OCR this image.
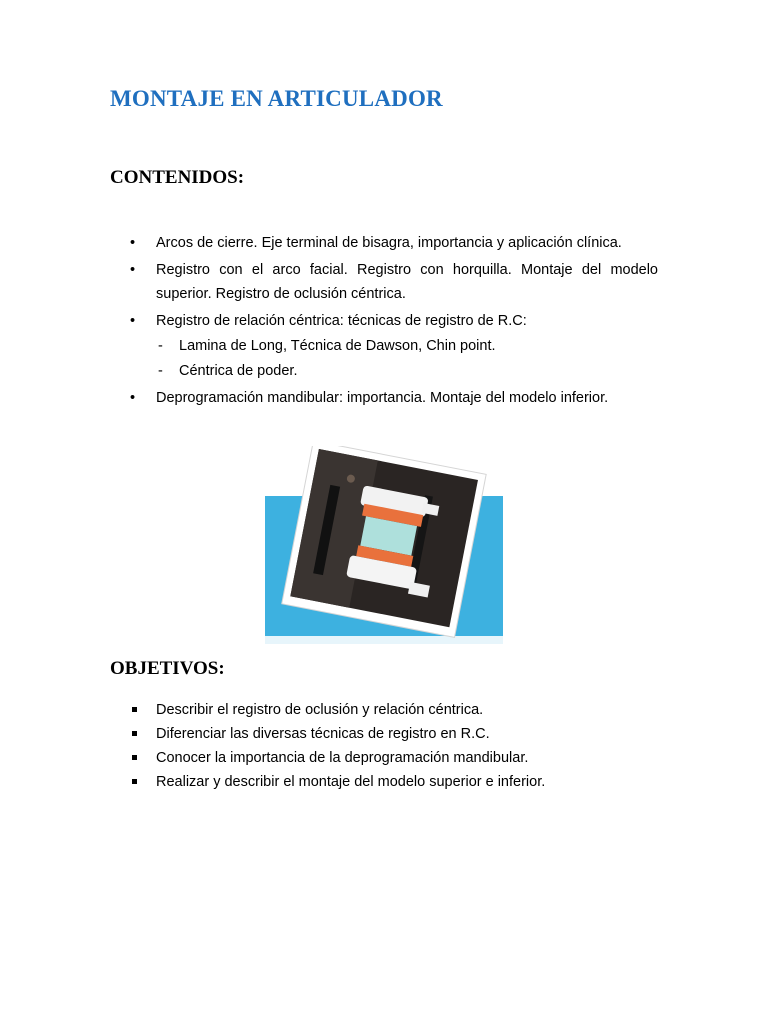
MONTAJE EN ARTICULADOR
CONTENIDOS:
• Arcos de cierre. Eje terminal de bisagra, importancia y aplicación clínica.
• Registro con el arco facial. Registro con horquilla. Montaje del modelo superior. Registro de oclusión céntrica.
• Registro de relación céntrica: técnicas de registro de R.C:
- Lamina de Long, Técnica de Dawson, Chin point.
- Céntrica de poder.
• Deprogramación mandibular: importancia. Montaje del modelo inferior.
OBJETIVOS:
Describir el registro de oclusión y relación céntrica.
Diferenciar las diversas técnicas de registro en R.C.
Conocer la importancia de la deprogramación mandibular.
Realizar y describir el montaje del modelo superior e inferior.
